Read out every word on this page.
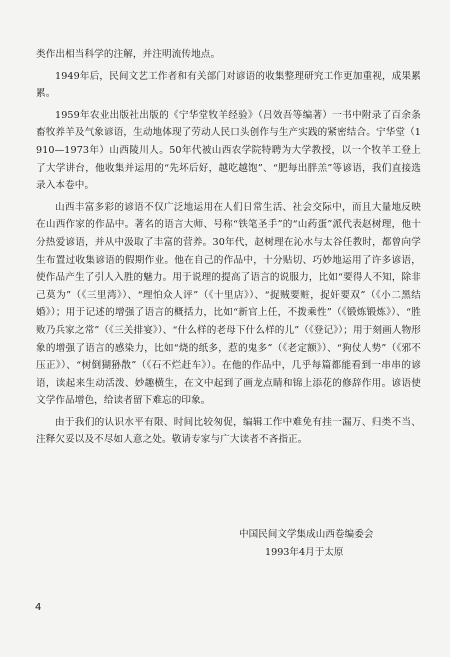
类作出相当科学的注解，并注明流传地点。

1949年后，民间文艺工作者和有关部门对谚语的收集整理研究工作更加重视，成果累累。

1959年农业出版社出版的《宁华堂牧羊经验》（吕效吾等编著）一书中附录了百余条畜牧养羊及气象谚语，生动地体现了劳动人民口头创作与生产实践的紧密结合。宁华堂（1910—1973年）山西陵川人。50年代被山西农学院特聘为大学教授，以一个牧羊工登上了大学讲台，他收集并运用的“先坏后好，越吃越饱”、“肥每出胖羔”等谚语，我们直接选录入本卷中。

山西丰富多彩的谚语不仅广泛地运用在人们日常生活、社会交际中，而且大量地反映在山西作家的作品中。著名的语言大师、号称“铁笔圣手”的“山药蛋”派代表赵树理，他十分热爱谚语，并从中汲取了丰富的营养。30年代，赵树理在沁水与太谷任教时，都曾向学生布置过收集谚语的假期作业。他在自己的作品中，十分贴切、巧妙地运用了许多谚语，使作品产生了引人入胜的魅力。用于说理的提高了语言的说服力，比如“要得人不知，除非己莫为”（《三里湾》）、“理怕众人评”（《十里店》）、“捉贼要赃，捉奸要双”（《小二黑结婚》）；用于记述的增强了语言的概括力，比如“新官上任，不拨乘性”（《锻炼锻炼》）、“胜败乃兵家之常”（《三关排宴》）、“什么样的老母下什么样的儿”（《登记》）；用于刻画人物形象的增强了语言的感染力，比如“烧的纸多，惹的鬼多”（《老定额》）、“狗仗人势”（《邪不压正》）、“树倒猢狲散”（《石不烂赶车》）。在他的作品中，几乎每篇都能看到一串串的谚语，读起来生动活泼、妙趣横生，在文中起到了画龙点睛和锦上添花的修辞作用。谚语使文学作品增色，给读者留下难忘的印象。

由于我们的认识水平有限、时间比较匆促，编辑工作中难免有挂一漏万、归类不当、注释欠妥以及不尽如人意之处。敬请专家与广大读者不吝指正。

中国民间文学集成山西卷编委会
1993年4月于太原
4
